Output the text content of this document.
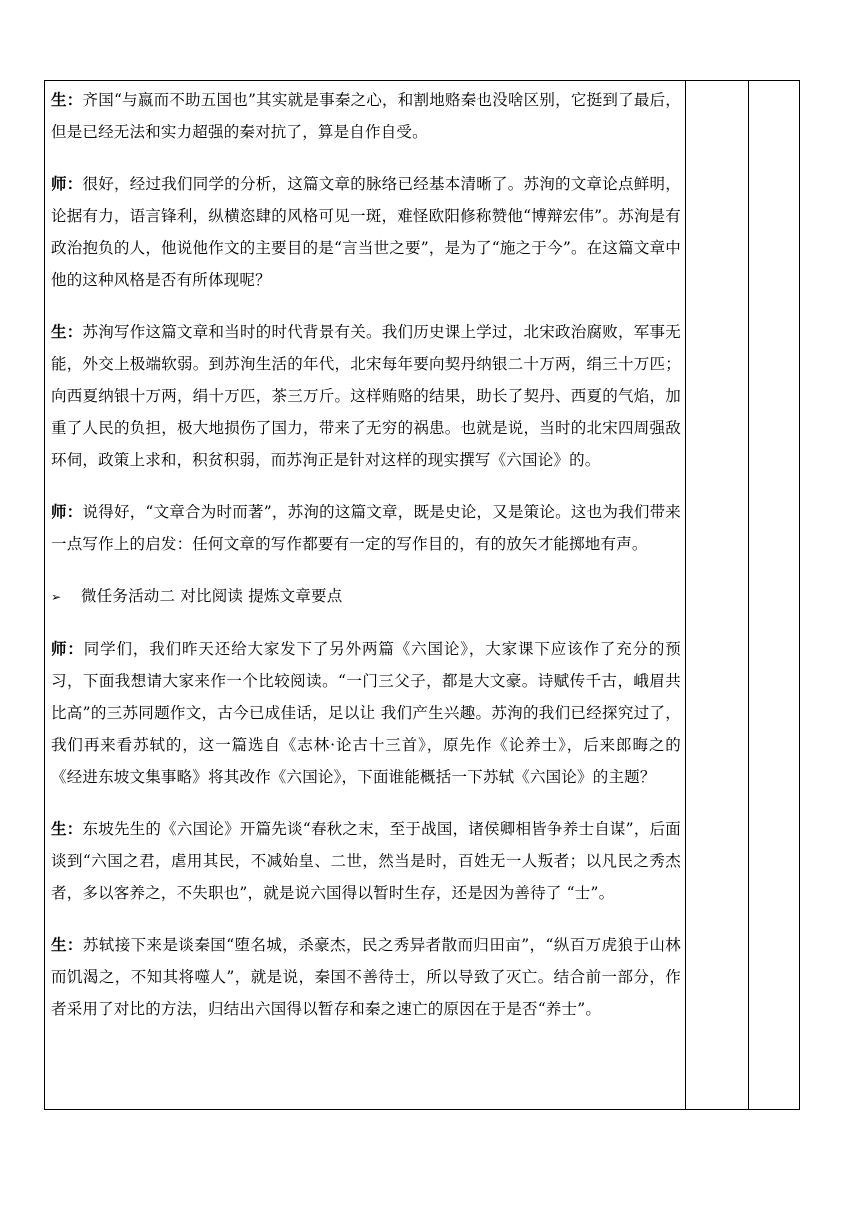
生：齐国“与嬴而不助五国也”其实就是事秦之心，和割地赂秦也没啥区别，它挺到了最后，但是已经无法和实力超强的秦对抗了，算是自作自受。

师：很好，经过我们同学的分析，这篇文章的脉络已经基本清晰了。苏洵的文章论点鲜明，论据有力，语言锋利，纵横恣肆的风格可见一斑，难怪欧阳修称赞他“博辩宏伟”。苏洵是有政治抱负的人，他说他作文的主要目的是“言当世之要”，是为了“施之于今”。在这篇文章中他的这种风格是否有所体现呢？

生：苏洵写作这篇文章和当时的时代背景有关。我们历史课上学过，北宋政治腐败，军事无 能，外交上极端软弱。到苏洵生活的年代，北宋每年要向契丹纳银二十万两，绢三十万匹；向西夏纳银十万两，绢十万匹，茶三万斤。这样贿赂的结果，助长了契丹、西夏的气焰，加重了人民的负担，极大地损伤了国力，带来了无穷的祸患。也就是说，当时的北宋四周强敌环伺，政策上求和，积贫积弱，而苏洵正是针对这样的现实撰写《六国论》的。

师：说得好，“文章合为时而著”，苏洵的这篇文章，既是史论，又是策论。这也为我们带来一点写作上的启发：任何文章的写作都要有一定的写作目的，有的放矢才能掷地有声。

➢	微任务活动二 对比阅读 提炼文章要点

师：同学们，我们昨天还给大家发下了另外两篇《六国论》，大家课下应该作了充分的预习，下面我想请大家来作一个比较阅读。“一门三父子，都是大文豪。诗赋传千古，峨眉共比高”的三苏同题作文，古今已成佳话，足以让 我们产生兴趣。苏洵的我们已经探究过了，我们再来看苏轼的，这一篇选自《志林·论古十三首》，原先作《论养士》，后来郎晦之的《经进东坡文集事略》将其改作《六国论》，下面谁能概括一下苏轼《六国论》的主题？

生：东坡先生的《六国论》开篇先谈“春秋之末，至于战国，诸侯卿相皆争养士自谋”，后面谈到“六国之君，虐用其民，不减始皇、二世，然当是时，百姓无一人叛者；以凡民之秀杰者，多以客养之，不失职也”，就是说六国得以暂时生存，还是因为善待了 “士”。

生：苏轼接下来是谈秦国“堕名城，杀豪杰，民之秀异者散而归田亩”，“纵百万虎狼于山林而饥渴之，不知其将噬人”，就是说，秦国不善待士，所以导致了灭亡。结合前一部分，作者采用了对比的方法，归结出六国得以暂存和秦之速亡的原因在于是否“养士”。
